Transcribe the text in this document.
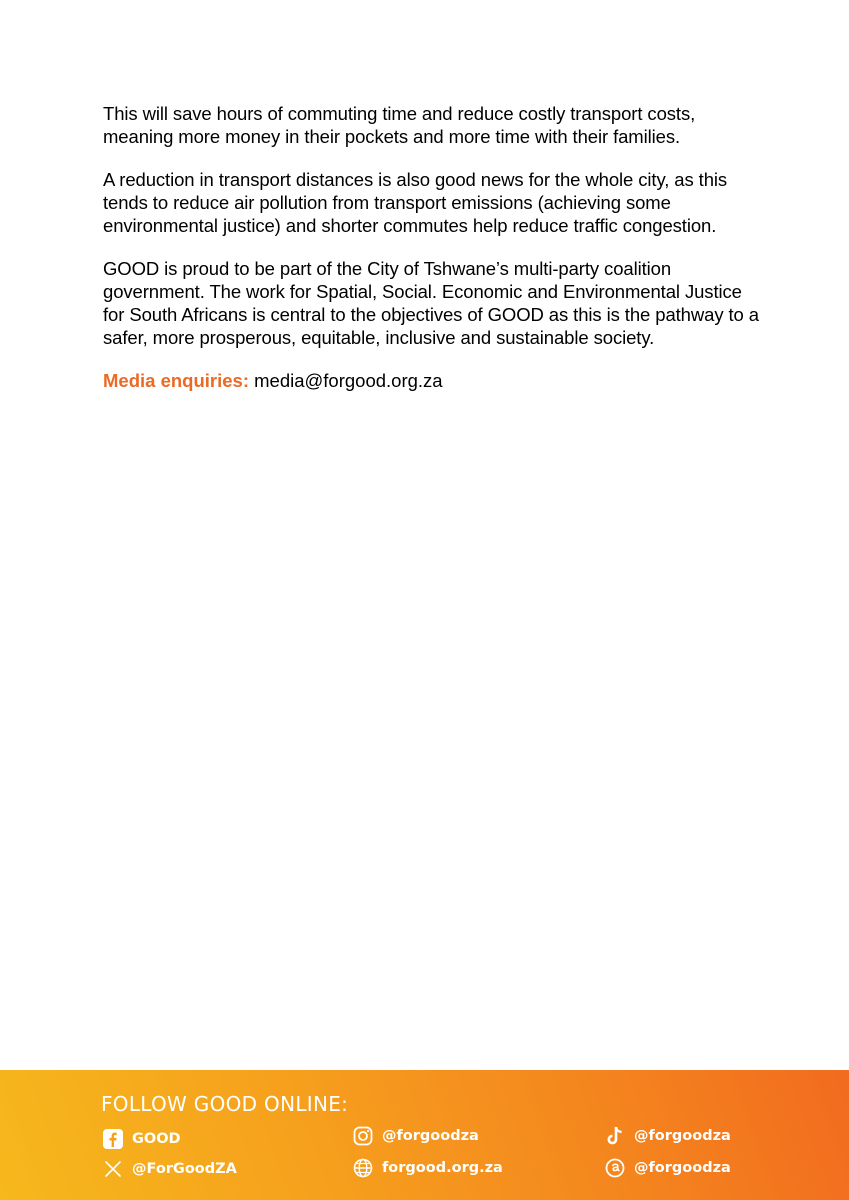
This will save hours of commuting time and reduce costly transport costs, meaning more money in their pockets and more time with their families.

A reduction in transport distances is also good news for the whole city, as this tends to reduce air pollution from transport emissions (achieving some environmental justice) and shorter commutes help reduce traffic congestion.

GOOD is proud to be part of the City of Tshwane’s multi-party coalition government. The work for Spatial, Social. Economic and Environmental Justice for South Africans is central to the objectives of GOOD as this is the pathway to a safer, more prosperous, equitable, inclusive and sustainable society.

Media enquiries: media@forgood.org.za

FOLLOW GOOD ONLINE:
GOOD
@ForGoodZA
@forgoodza
forgood.org.za
@forgoodza
@forgoodza
